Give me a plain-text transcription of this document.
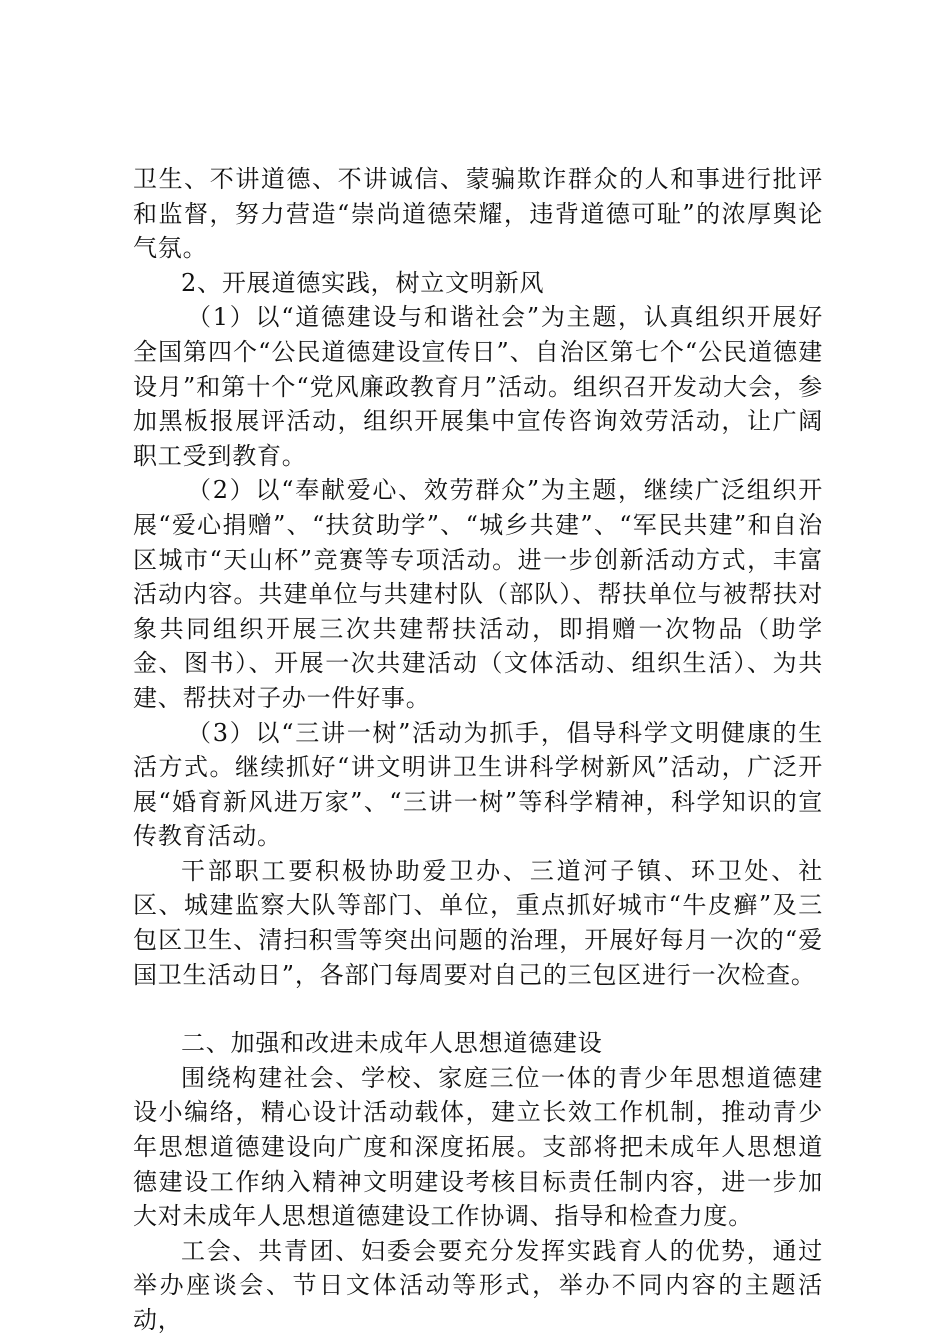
卫生、不讲道德、不讲诚信、蒙骗欺诈群众的人和事进行批评和监督，努力营造“崇尚道德荣耀，违背道德可耻”的浓厚舆论气氛。

2、开展道德实践，树立文明新风

（1）以“道德建设与和谐社会”为主题，认真组织开展好全国第四个“公民道德建设宣传日”、自治区第七个“公民道德建设月”和第十个“党风廉政教育月”活动。组织召开发动大会，参加黑板报展评活动，组织开展集中宣传咨询效劳活动，让广阔职工受到教育。

（2）以“奉献爱心、效劳群众”为主题，继续广泛组织开展“爱心捐赠”、“扶贫助学”、“城乡共建”、“军民共建”和自治区城市“天山杯”竞赛等专项活动。进一步创新活动方式，丰富活动内容。共建单位与共建村队（部队）、帮扶单位与被帮扶对象共同组织开展三次共建帮扶活动，即捐赠一次物品（助学金、图书）、开展一次共建活动（文体活动、组织生活）、为共建、帮扶对子办一件好事。

（3）以“三讲一树”活动为抓手，倡导科学文明健康的生活方式。继续抓好“讲文明讲卫生讲科学树新风”活动，广泛开展“婚育新风进万家”、“三讲一树”等科学精神，科学知识的宣传教育活动。

干部职工要积极协助爱卫办、三道河子镇、环卫处、社区、城建监察大队等部门、单位，重点抓好城市“牛皮癣”及三包区卫生、清扫积雪等突出问题的治理，开展好每月一次的“爱国卫生活动日”，各部门每周要对自己的三包区进行一次检查。

二、加强和改进未成年人思想道德建设

围绕构建社会、学校、家庭三位一体的青少年思想道德建设小编络，精心设计活动载体，建立长效工作机制，推动青少年思想道德建设向广度和深度拓展。支部将把未成年人思想道德建设工作纳入精神文明建设考核目标责任制内容，进一步加大对未成年人思想道德建设工作协调、指导和检查力度。

工会、共青团、妇委会要充分发挥实践育人的优势，通过举办座谈会、节日文体活动等形式，举办不同内容的主题活动，
